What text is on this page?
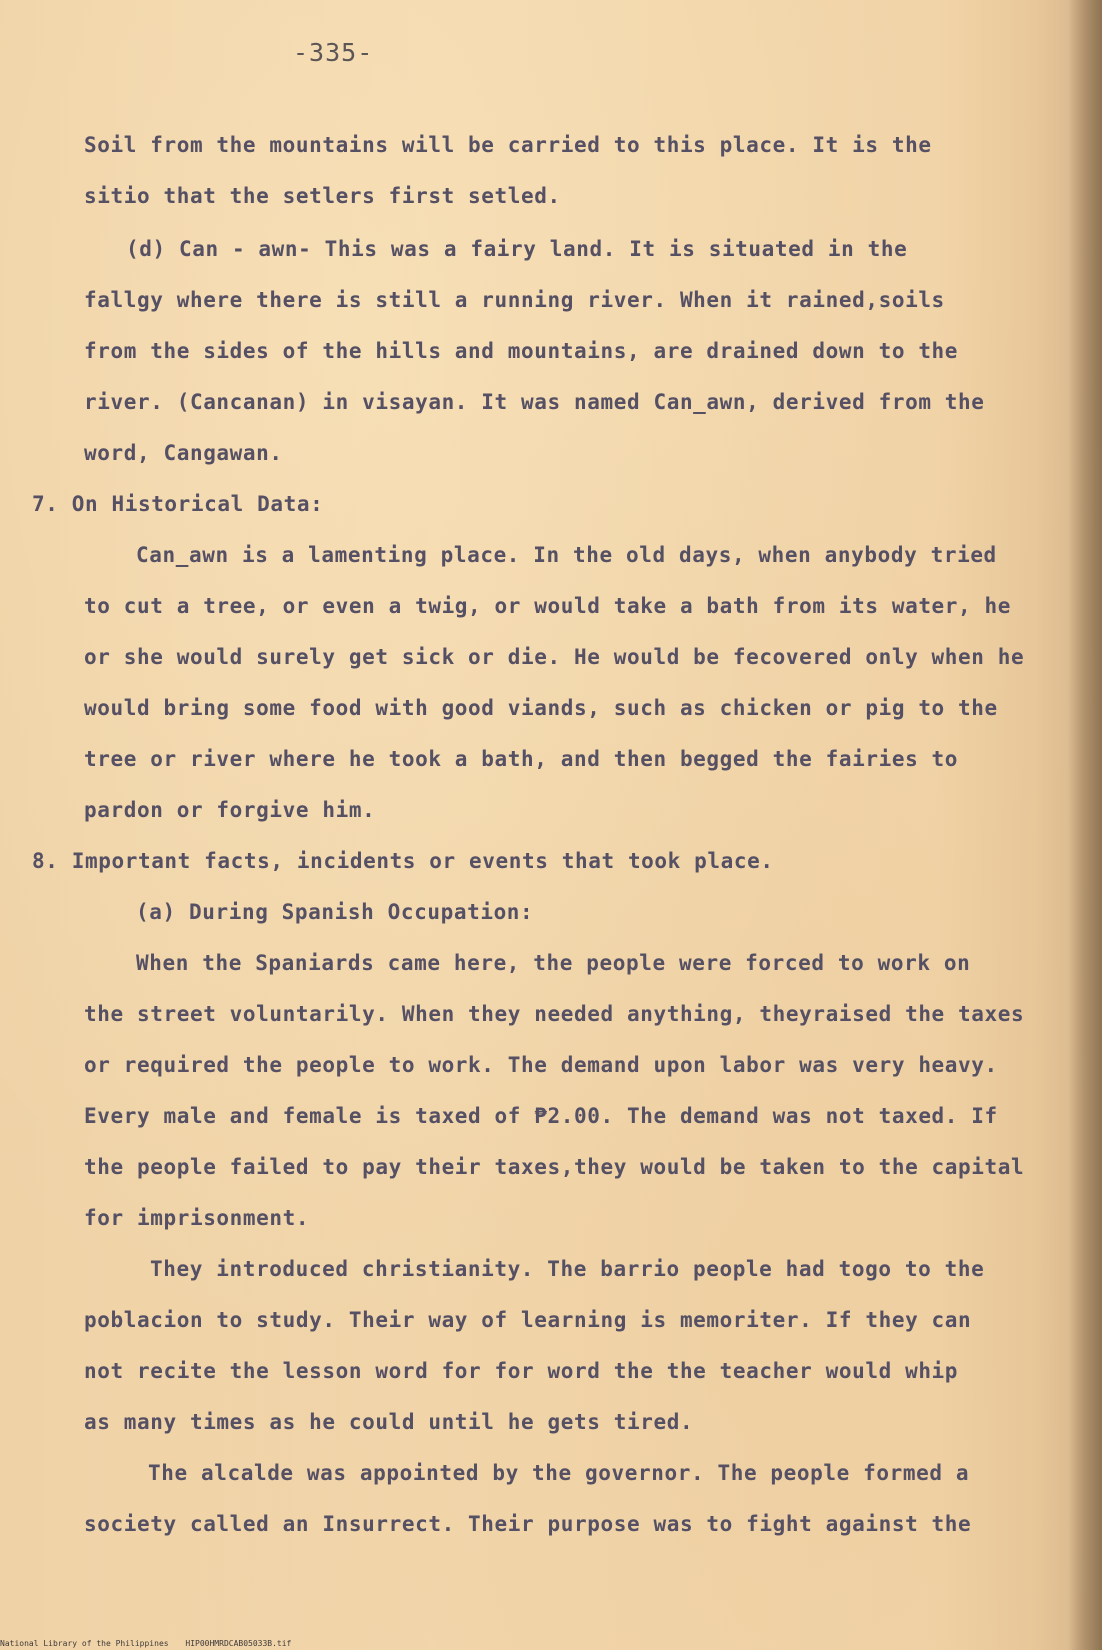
-335-

Soil from the mountains will be carried to this place. It is the

sitio that the setlers first setled.

(d) Can - awn- This was a fairy land. It is situated in the

fallgy where there is still a running river. When it rained,soils

from the sides of the hills and mountains, are drained down to the

river. (Cancanan) in visayan. It was named Can_awn, derived from the

word, Cangawan.

7. On Historical Data:

Can_awn is a lamenting place. In the old days, when anybody tried

to cut a tree, or even a twig, or would take a bath from its water, he

or she would surely get sick or die. He would be fecovered only when he

would bring some food with good viands, such as chicken or pig to the

tree or river where he took a bath, and then begged the fairies to

pardon or forgive him.

8. Important facts, incidents or events that took place.

(a) During Spanish Occupation:

When the Spaniards came here, the people were forced to work on

the street voluntarily. When they needed anything, theyraised the taxes

or required the people to work. The demand upon labor was very heavy.

Every male and female is taxed of ₱2.00. The demand was not taxed. If

the people failed to pay their taxes,they would be taken to the capital

for imprisonment.

They introduced christianity. The barrio people had togo to the

poblacion to study. Their way of learning is memoriter. If they can

not recite the lesson word for for word the the teacher would whip

as many times as he could until he gets tired.

The alcalde was appointed by the governor. The people formed a

society called an Insurrect. Their purpose was to fight against the

National Library of the Philippines HIP00HMRDCAB05033B.tif
